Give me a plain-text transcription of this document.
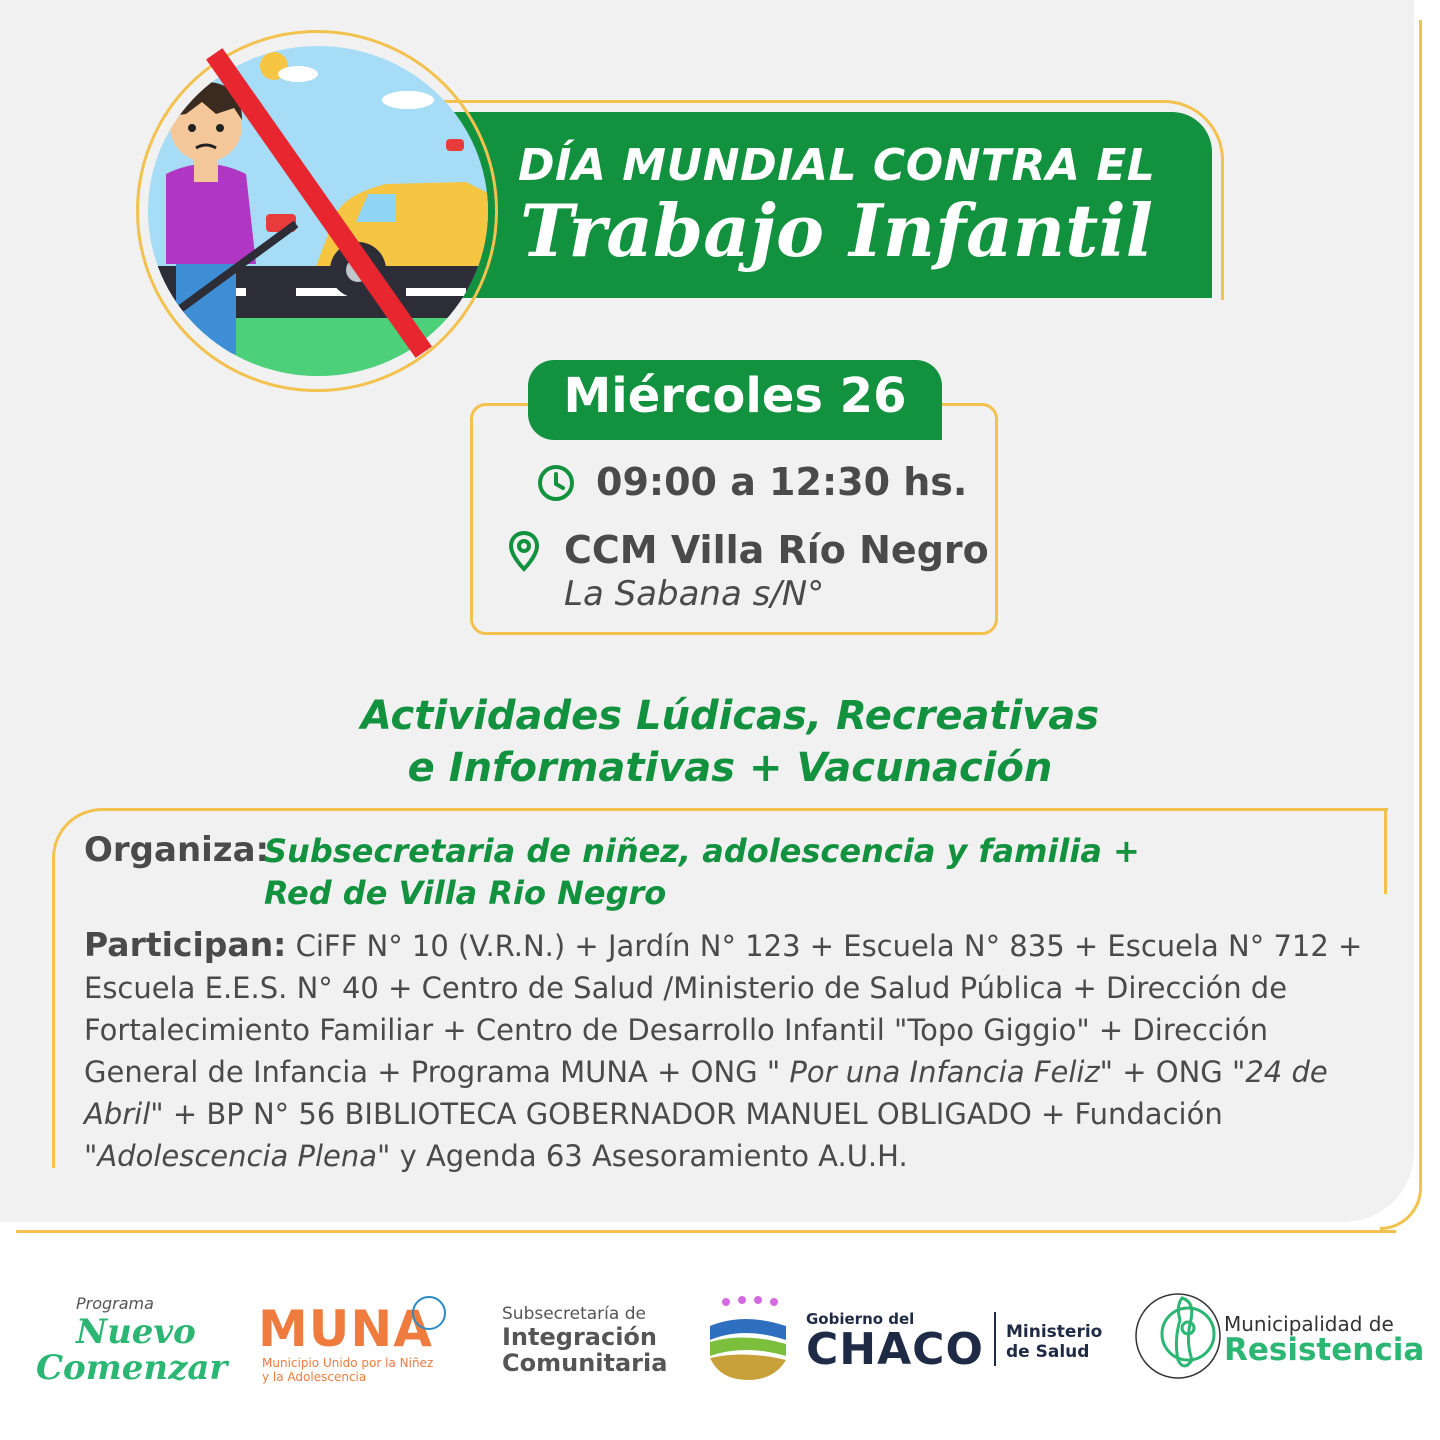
DÍA MUNDIAL CONTRA EL
Trabajo Infantil
Miércoles 26
09:00 a 12:30 hs.
CCM Villa Río Negro
La Sabana s/N°
Actividades Lúdicas, Recreativas
e Informativas + Vacunación
Organiza:
Subsecretaria de niñez, adolescencia y familia +
Red de Villa Rio Negro
Participan: CiFF N° 10 (V.R.N.) + Jardín N° 123 + Escuela N° 835 + Escuela N° 712 + Escuela E.E.S. N° 40 + Centro de Salud /Ministerio de Salud Pública + Dirección de Fortalecimiento Familiar + Centro de Desarrollo Infantil "Topo Giggio" + Dirección General de Infancia + Programa MUNA + ONG " Por una Infancia Feliz" + ONG "24 de Abril" + BP N° 56 BIBLIOTECA GOBERNADOR MANUEL OBLIGADO + Fundación "Adolescencia Plena" y Agenda 63 Asesoramiento A.U.H.
Programa
Nuevo
Comenzar
MUNA
Municipio Unido por la Niñez
y la Adolescencia
Subsecretaría de
Integración
Comunitaria
Gobierno del
CHACO Ministerio
de Salud
Municipalidad de
Resistencia
